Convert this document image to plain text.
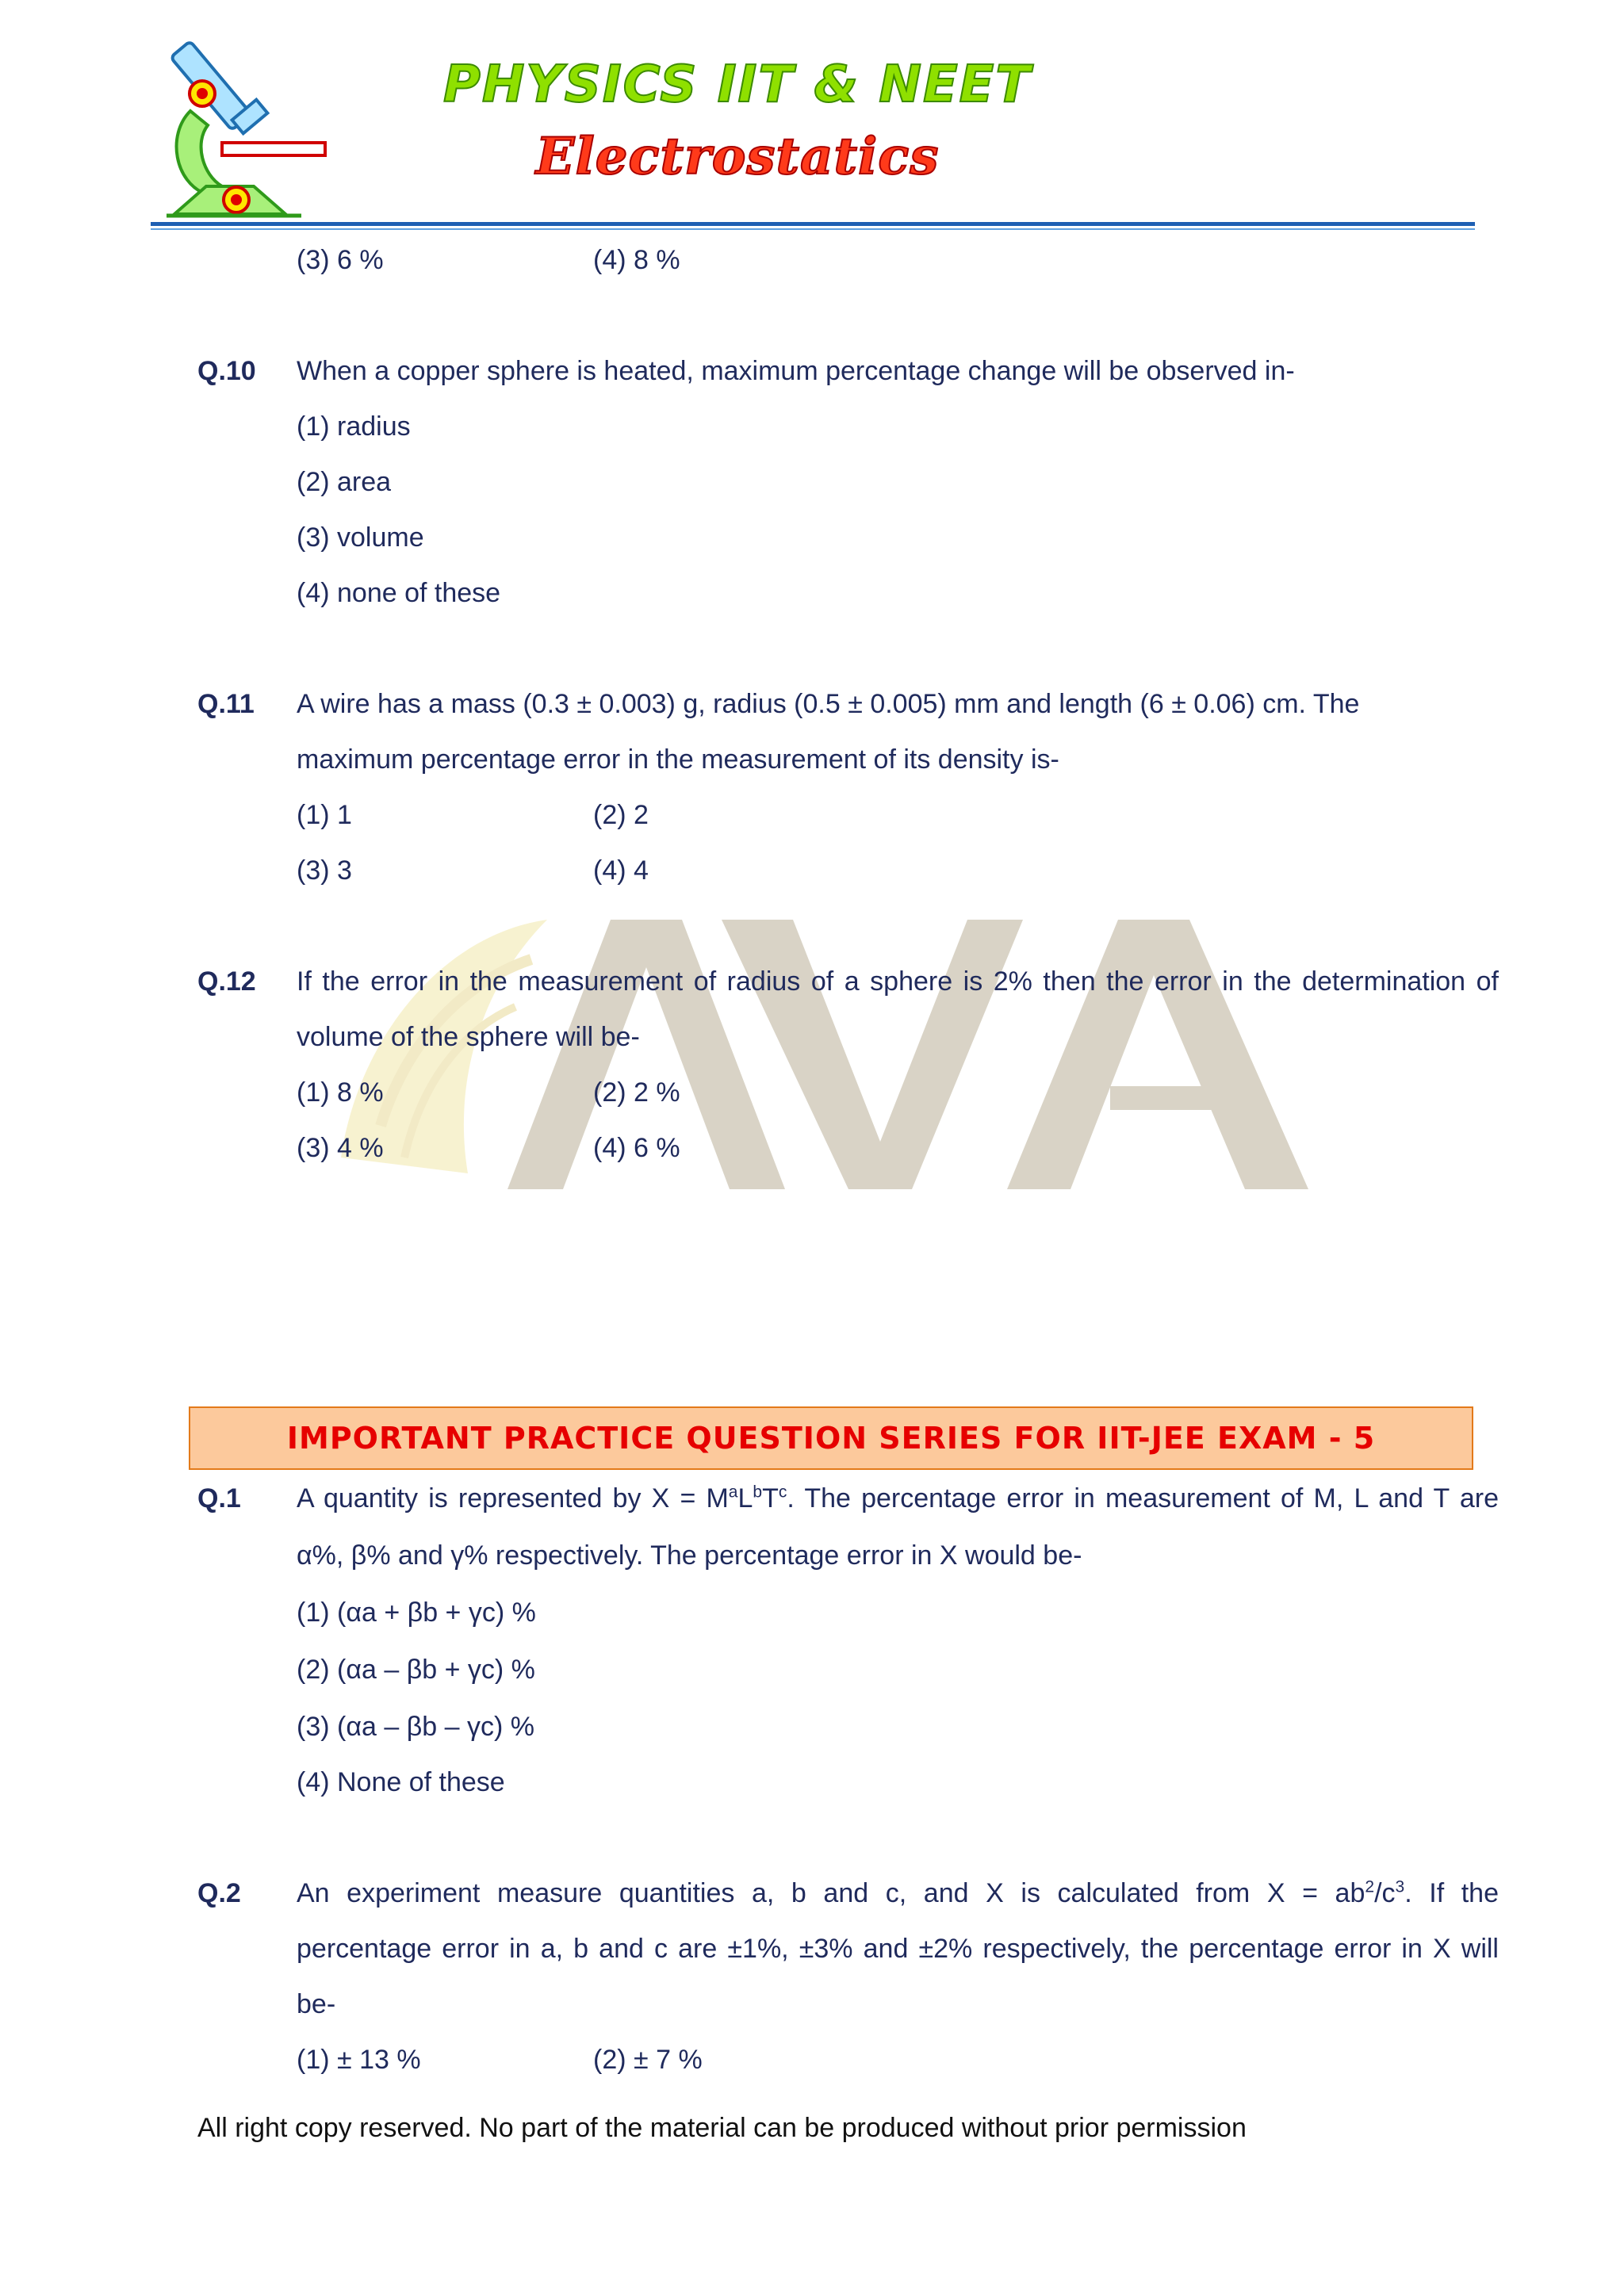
PHYSICS IIT & NEET
Electrostatics
(3) 6 %	(4) 8 %
Q.10 When a copper sphere is heated, maximum percentage change will be observed in-
(1) radius
(2) area
(3) volume
(4) none of these
Q.11 A wire has a mass (0.3 ± 0.003) g, radius (0.5 ± 0.005) mm and length (6 ± 0.06) cm. The
maximum percentage error in the measurement of its density is-
(1) 1	(2) 2
(3) 3	(4) 4
Q.12 If the error in the measurement of radius of a sphere is 2% then the error in the determination of
volume of the sphere will be-
(1) 8 %	(2) 2 %
(3) 4 %	(4) 6 %
IMPORTANT PRACTICE QUESTION SERIES FOR IIT-JEE EXAM - 5
Q.1 A quantity is represented by $X = M^aL^bT^c$. The percentage error in measurement of M, L and T are
α%, β% and γ% respectively. The percentage error in X would be-
(1) (αa + βb + γc) %
(2) (αa – βb + γc) %
(3) (αa – βb – γc) %
(4) None of these
Q.2 An experiment measure quantities a, b and c, and X is calculated from $X = ab^2/c^3$. If the
percentage error in a, b and c are ±1%, ±3% and ±2% respectively, the percentage error in X will
be-
(1) ± 13 %	(2) ± 7 %
All right copy reserved. No part of the material can be produced without prior permission
